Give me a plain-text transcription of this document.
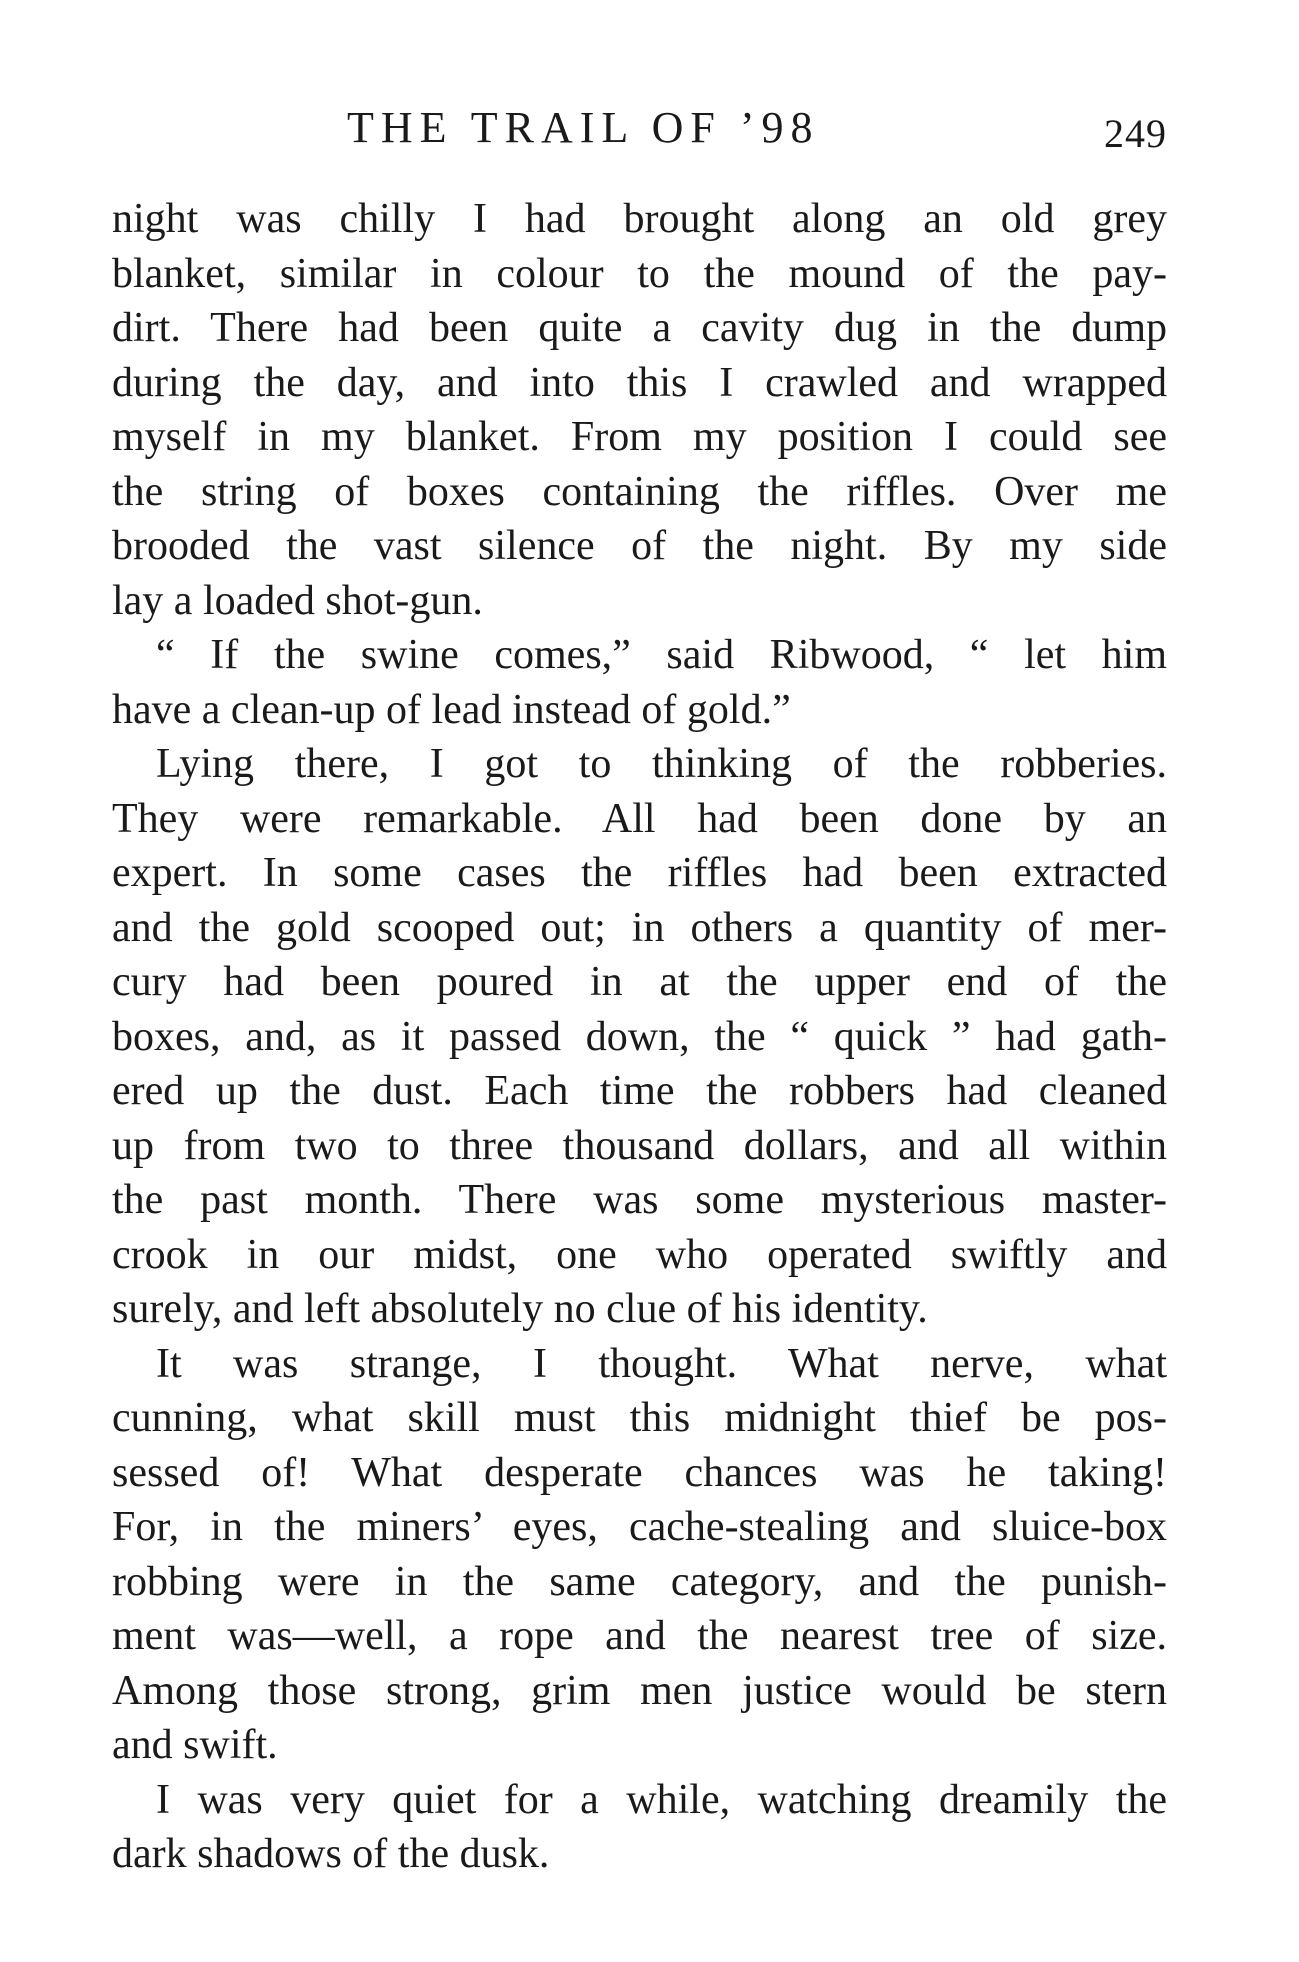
THE TRAIL OF ’98	249
night was chilly I had brought along an old grey
blanket, similar in colour to the mound of the pay-
dirt. There had been quite a cavity dug in the dump
during the day, and into this I crawled and wrapped
myself in my blanket. From my position I could see
the string of boxes containing the riffles. Over me
brooded the vast silence of the night. By my side
lay a loaded shot-gun.
“ If the swine comes,” said Ribwood, “ let him
have a clean-up of lead instead of gold.”
Lying there, I got to thinking of the robberies.
They were remarkable. All had been done by an
expert. In some cases the riffles had been extracted
and the gold scooped out; in others a quantity of mer-
cury had been poured in at the upper end of the
boxes, and, as it passed down, the “ quick ” had gath-
ered up the dust. Each time the robbers had cleaned
up from two to three thousand dollars, and all within
the past month. There was some mysterious master-
crook in our midst, one who operated swiftly and
surely, and left absolutely no clue of his identity.
It was strange, I thought. What nerve, what
cunning, what skill must this midnight thief be pos-
sessed of! What desperate chances was he taking!
For, in the miners’ eyes, cache-stealing and sluice-box
robbing were in the same category, and the punish-
ment was—well, a rope and the nearest tree of size.
Among those strong, grim men justice would be stern
and swift.
I was very quiet for a while, watching dreamily the
dark shadows of the dusk.
